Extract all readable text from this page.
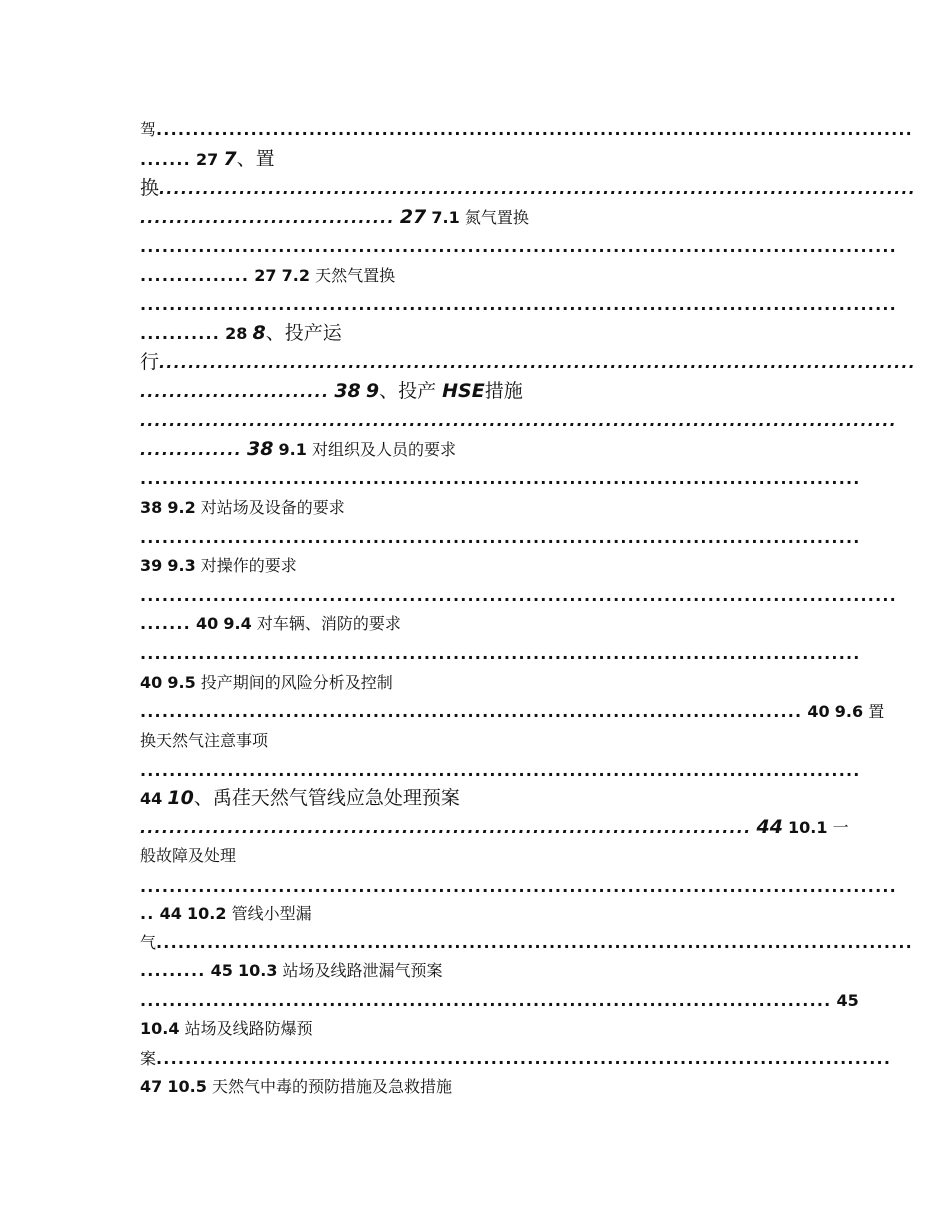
驾........................................................................................................
....... 27 7、置
换........................................................................................................
................................... 27 7.1 氮气置换
........................................................................................................
............... 27 7.2 天然气置换
........................................................................................................
........... 28 8、投产运
行........................................................................................................
.......................... 38 9、投产 HSE措施
........................................................................................................
.............. 38 9.1 对组织及人员的要求
...................................................................................................
38 9.2 对站场及设备的要求
...................................................................................................
39 9.3 对操作的要求
........................................................................................................
....... 40 9.4 对车辆、消防的要求
...................................................................................................
40 9.5 投产期间的风险分析及控制
........................................................................................... 40 9.6 置
换天然气注意事项
...................................................................................................
44 10、禹荏天然气管线应急处理预案
.................................................................................... 44 10.1 一
般故障及处理
........................................................................................................
.. 44 10.2 管线小型漏
气........................................................................................................
......... 45 10.3 站场及线路泄漏气预案
............................................................................................... 45
10.4 站场及线路防爆预
案.....................................................................................................
47 10.5 天然气中毒的预防措施及急救措施
